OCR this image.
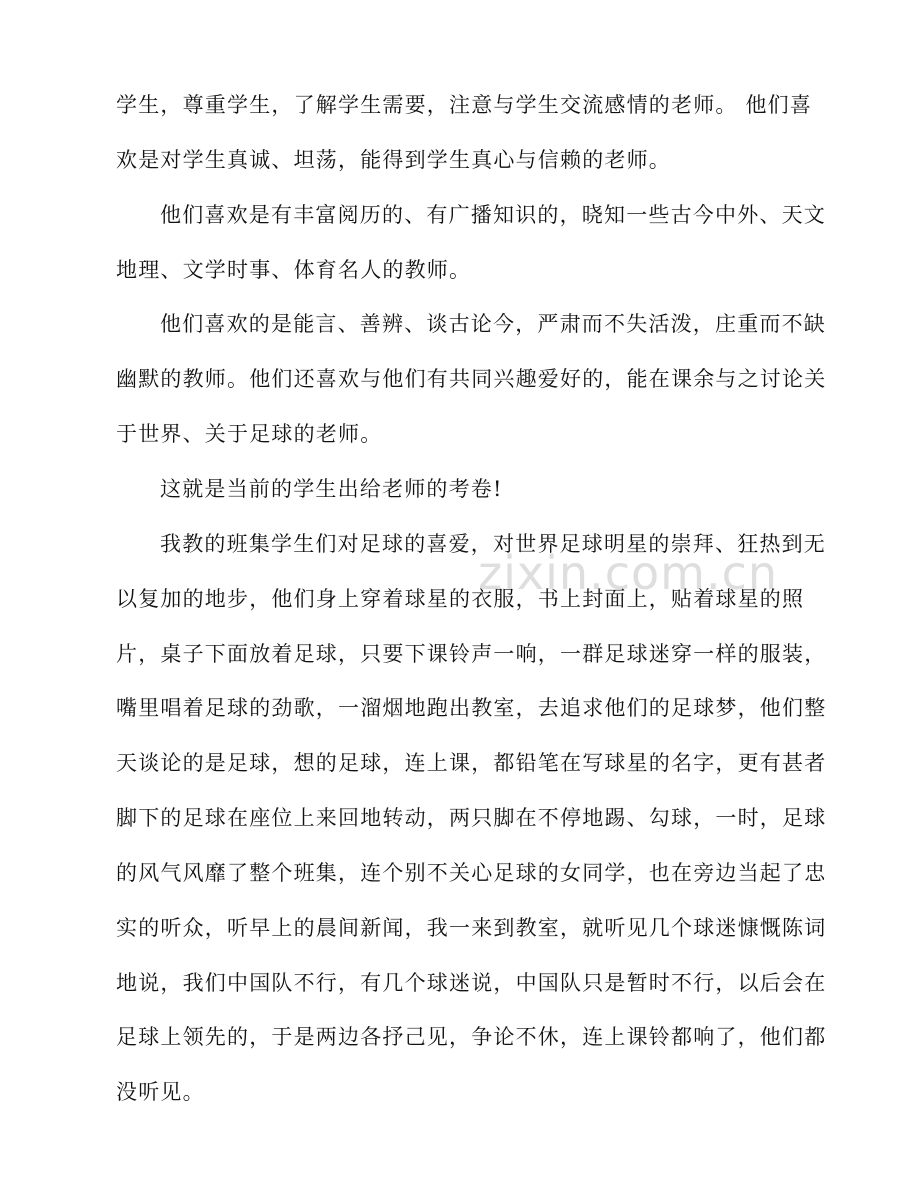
zixin.com.cn
学生，尊重学生，了解学生需要，注意与学生交流感情的老师。 他们喜
欢是对学生真诚、坦荡，能得到学生真心与信赖的老师。
他们喜欢是有丰富阅历的、有广播知识的，晓知一些古今中外、天文
地理、文学时事、体育名人的教师。
他们喜欢的是能言、善辨、谈古论今，严肃而不失活泼，庄重而不缺
幽默的教师。他们还喜欢与他们有共同兴趣爱好的，能在课余与之讨论关
于世界、关于足球的老师。
这就是当前的学生出给老师的考卷!
我教的班集学生们对足球的喜爱，对世界足球明星的崇拜、狂热到无
以复加的地步，他们身上穿着球星的衣服，书上封面上，贴着球星的照
片，桌子下面放着足球，只要下课铃声一响，一群足球迷穿一样的服装，
嘴里唱着足球的劲歌，一溜烟地跑出教室，去追求他们的足球梦，他们整
天谈论的是足球，想的足球，连上课，都铅笔在写球星的名字，更有甚者
脚下的足球在座位上来回地转动，两只脚在不停地踢、勾球，一时，足球
的风气风靡了整个班集，连个别不关心足球的女同学，也在旁边当起了忠
实的听众，听早上的晨间新闻，我一来到教室，就听见几个球迷慷慨陈词
地说，我们中国队不行，有几个球迷说，中国队只是暂时不行，以后会在
足球上领先的，于是两边各抒己见，争论不休，连上课铃都响了，他们都
没听见。
